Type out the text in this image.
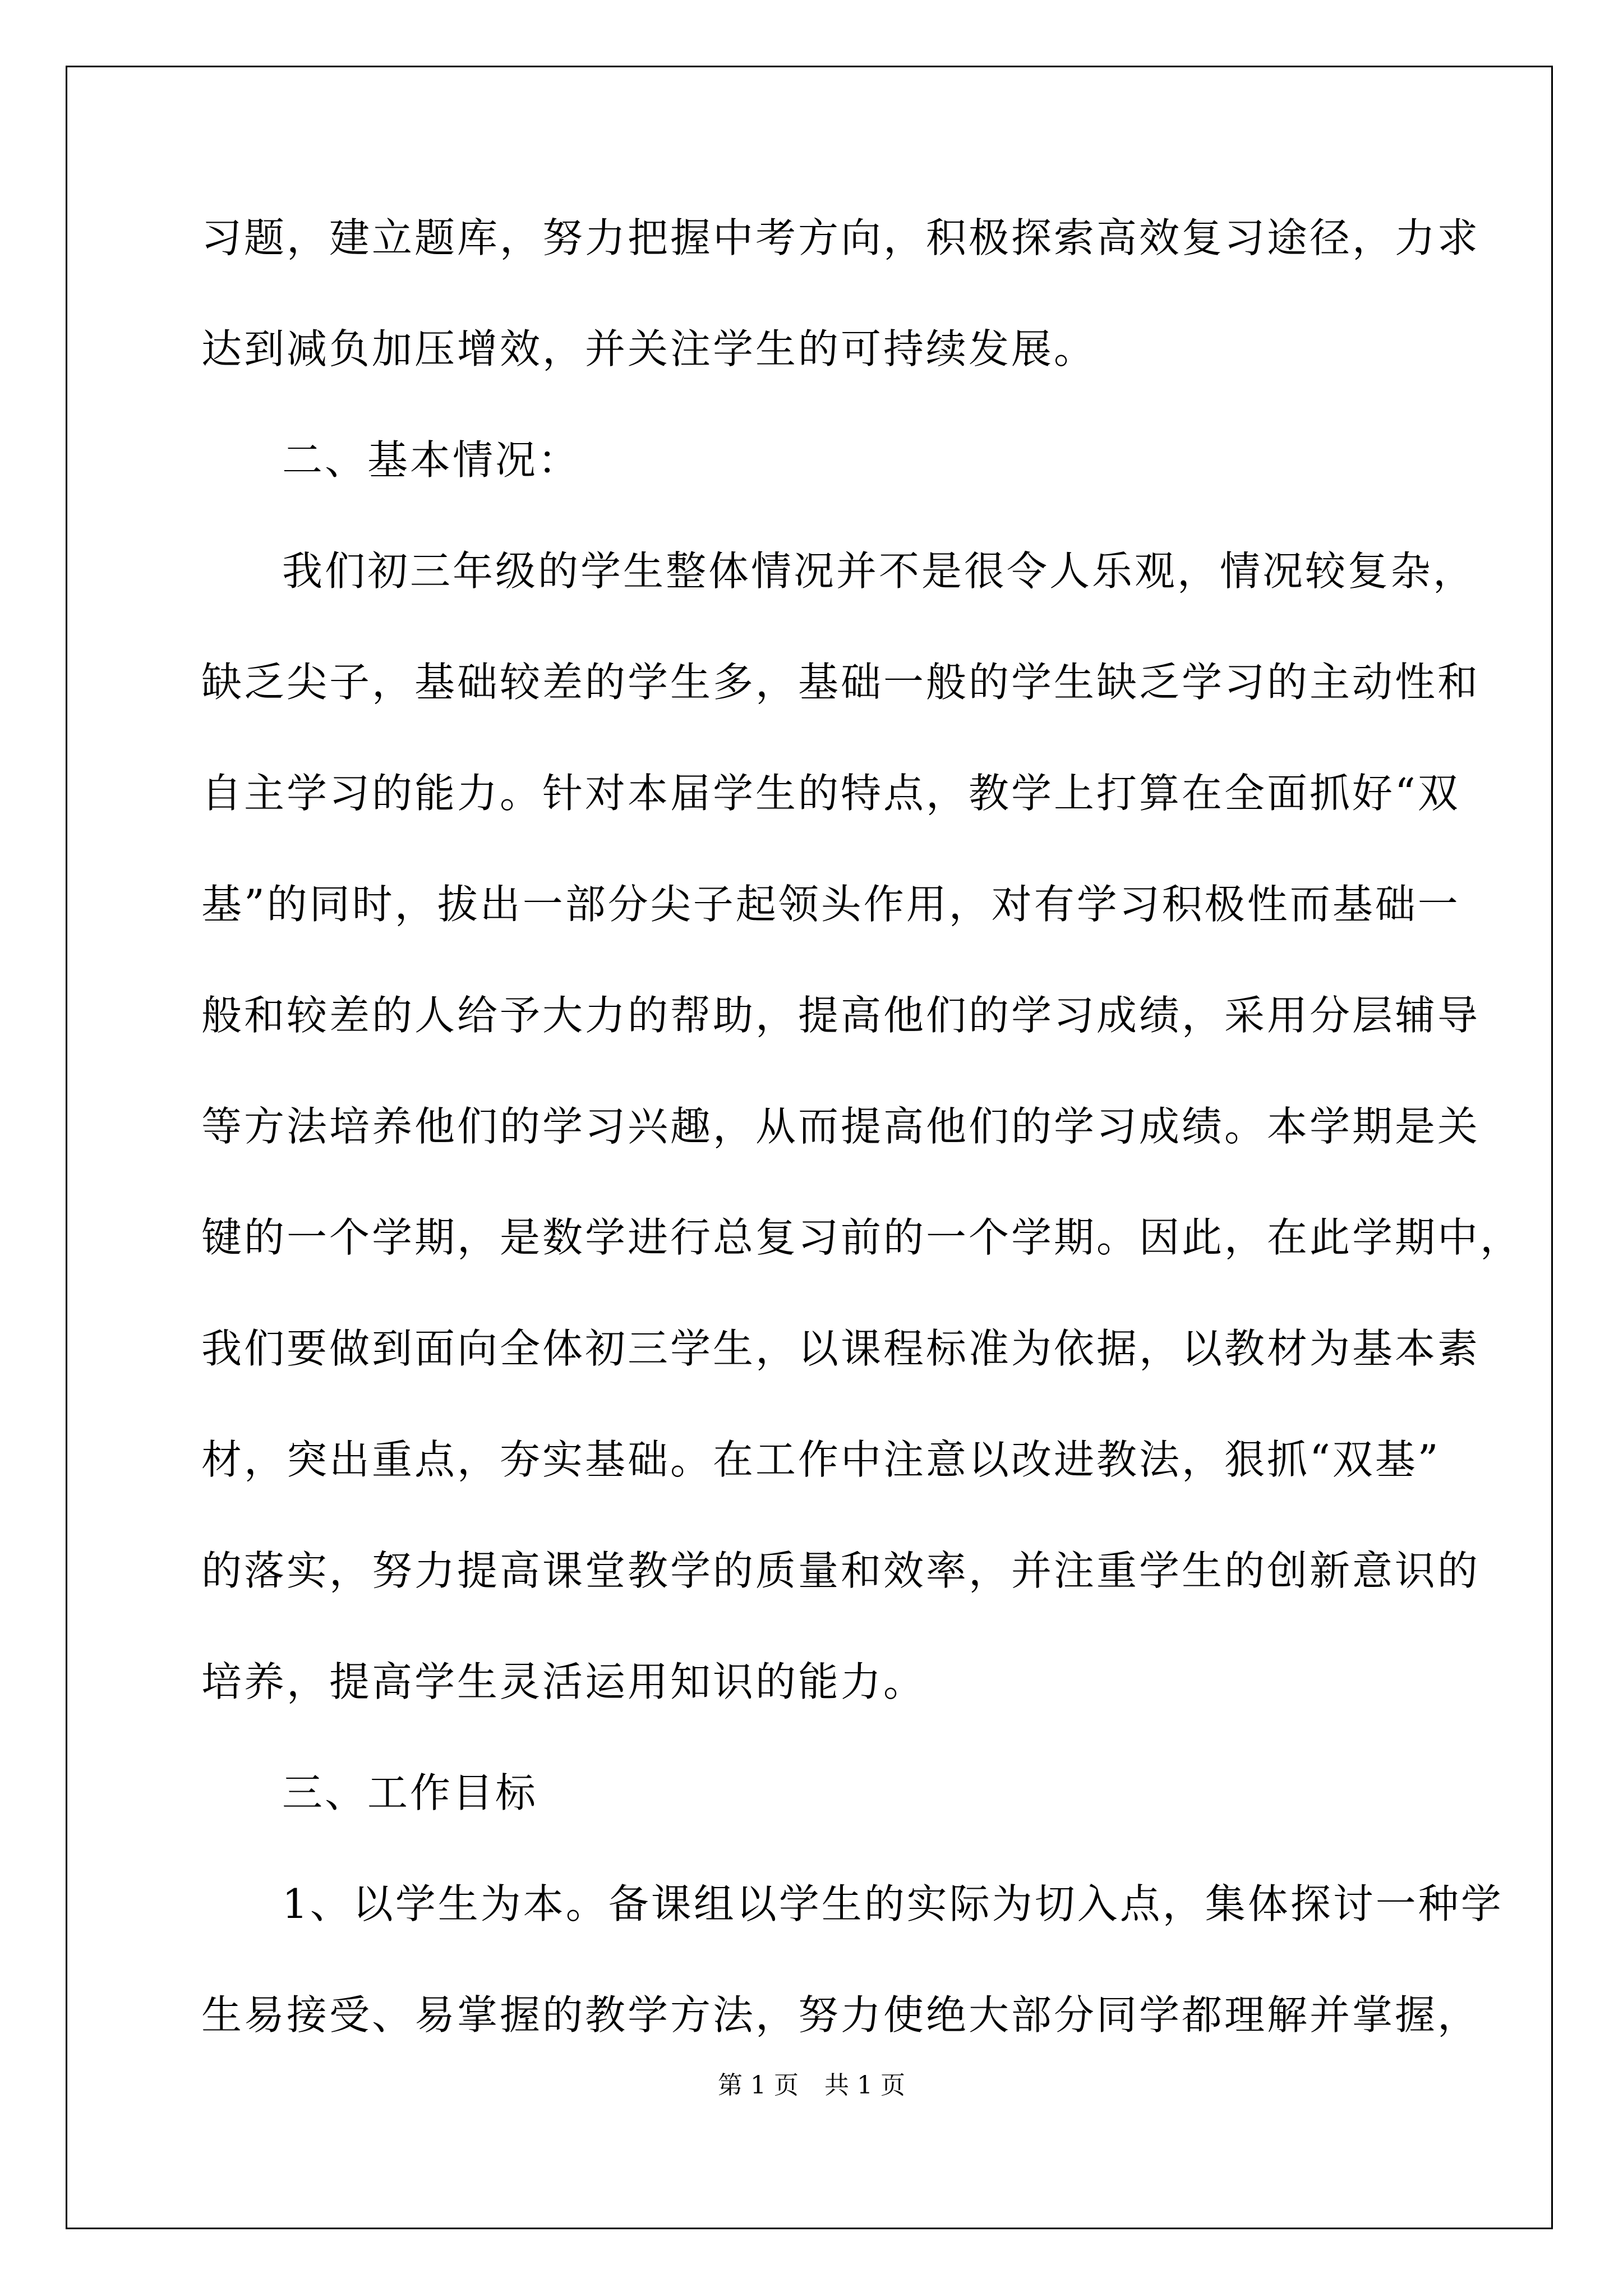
习题，建立题库，努力把握中考方向，积极探索高效复习途径，力求
达到减负加压增效，并关注学生的可持续发展。
二、基本情况：
我们初三年级的学生整体情况并不是很令人乐观，情况较复杂，
缺乏尖子，基础较差的学生多，基础一般的学生缺乏学习的主动性和
自主学习的能力。针对本届学生的特点，教学上打算在全面抓好“双
基”的同时，拔出一部分尖子起领头作用，对有学习积极性而基础一
般和较差的人给予大力的帮助，提高他们的学习成绩，采用分层辅导
等方法培养他们的学习兴趣，从而提高他们的学习成绩。本学期是关
键的一个学期，是数学进行总复习前的一个学期。因此，在此学期中，
我们要做到面向全体初三学生，以课程标准为依据，以教材为基本素
材，突出重点，夯实基础。在工作中注意以改进教法，狠抓“双基”
的落实，努力提高课堂教学的质量和效率，并注重学生的创新意识的
培养，提高学生灵活运用知识的能力。
三、工作目标
1、以学生为本。备课组以学生的实际为切入点，集体探讨一种学
生易接受、易掌握的教学方法，努力使绝大部分同学都理解并掌握，
第 1 页 共 1 页
